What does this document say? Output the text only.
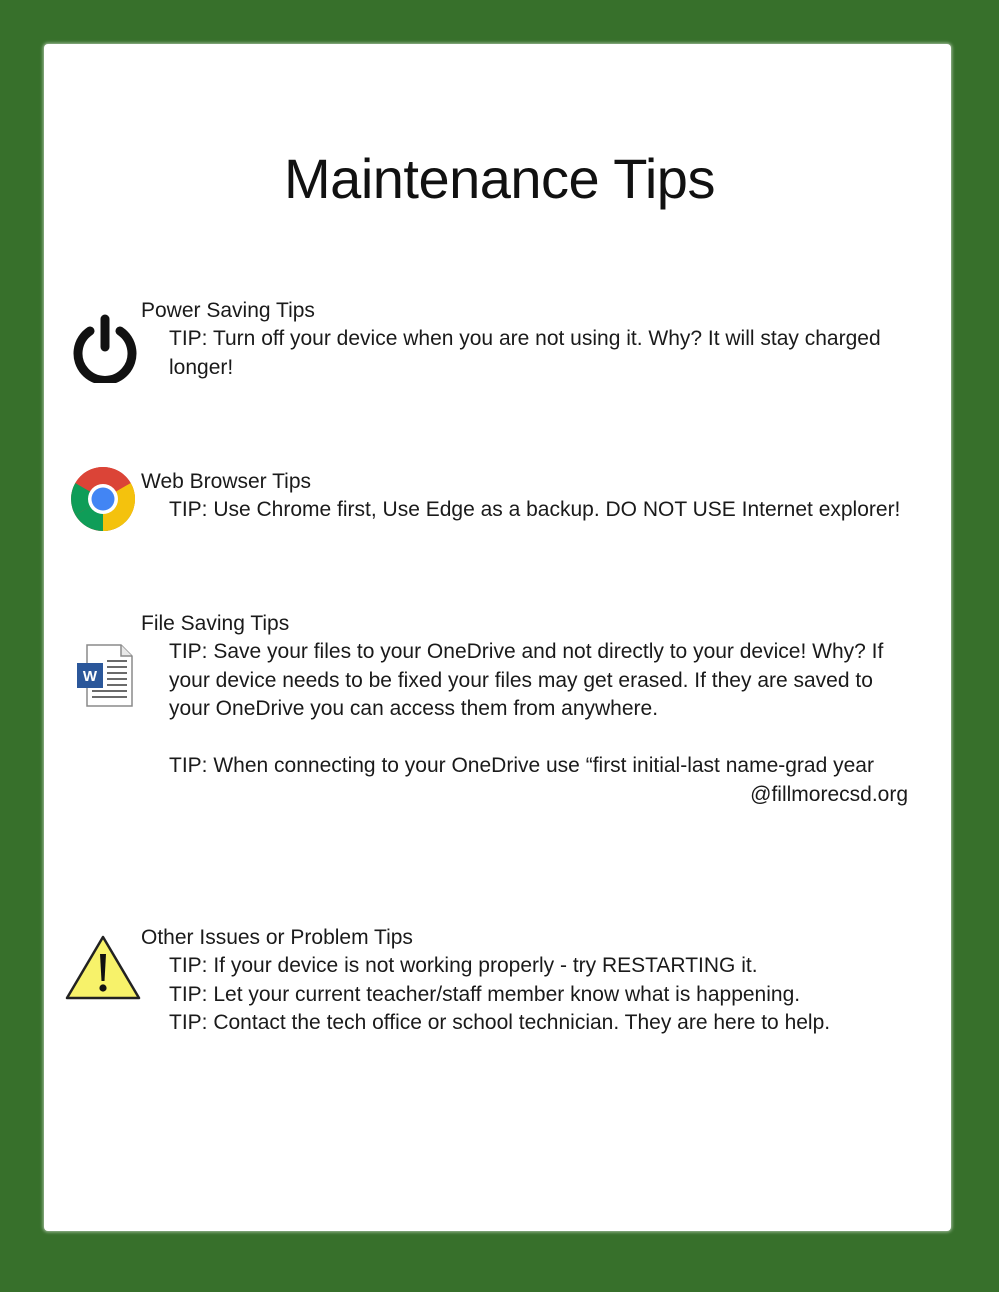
Maintenance Tips
Power Saving Tips
TIP: Turn off your device when you are not using it. Why? It will stay charged longer!
Web Browser Tips
TIP: Use Chrome first, Use Edge as a backup. DO NOT USE Internet explorer!
W
File Saving Tips
TIP: Save your files to your OneDrive and not directly to your device! Why? If your device needs to be fixed your files may get erased. If they are saved to your OneDrive you can access them from anywhere.
TIP: When connecting to your OneDrive use “first initial-last name-grad year
@fillmorecsd.org
Other Issues or Problem Tips
TIP: If your device is not working properly - try RESTARTING it.
TIP: Let your current teacher/staff member know what is happening.
TIP: Contact the tech office or school technician. They are here to help.
